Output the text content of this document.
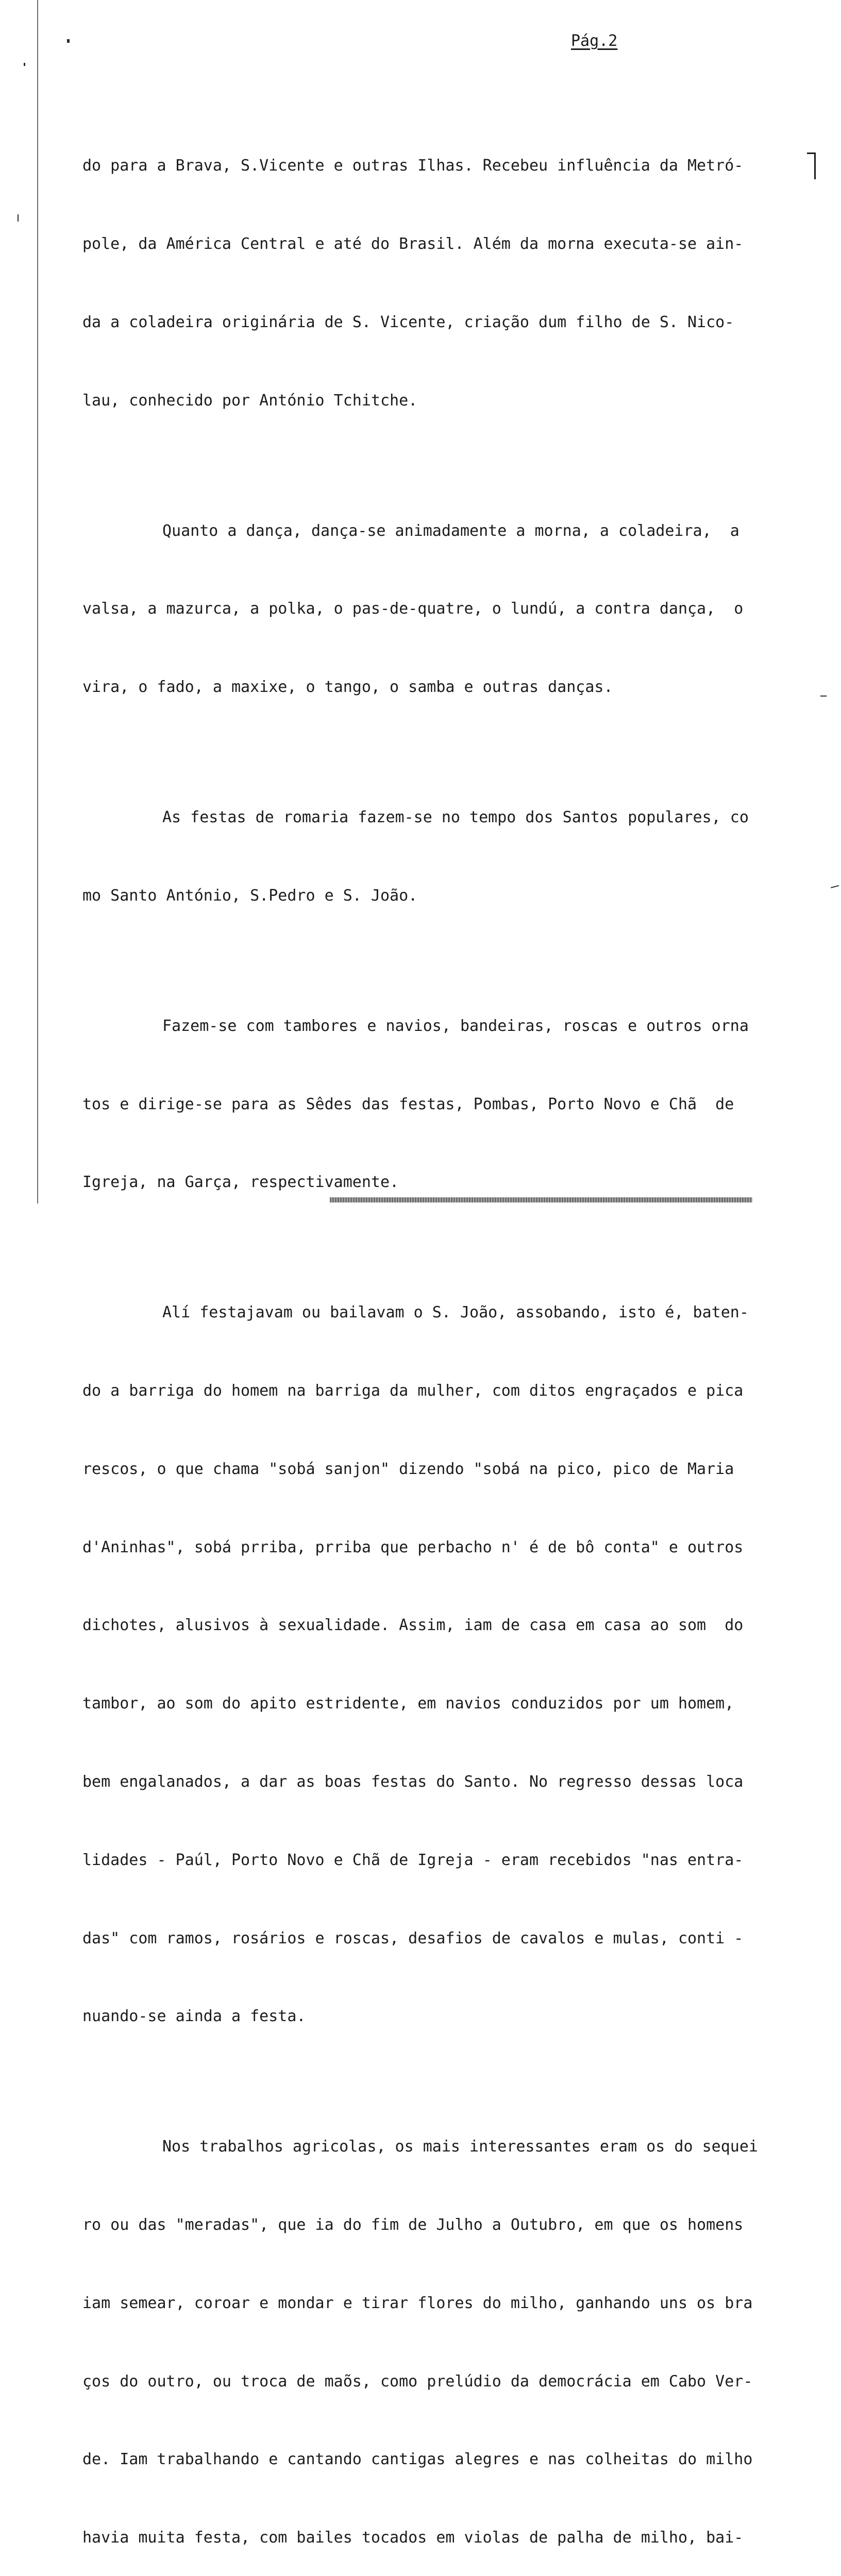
Pág.2

do para a Brava, S.Vicente e outras Ilhas. Recebeu influência da Metró-

pole, da América Central e até do Brasil. Além da morna executa-se ain-

da a coladeira originária de S. Vicente, criação dum filho de S. Nico-

lau, conhecido por António Tchitche.

Quanto a dança, dança-se animadamente a morna, a coladeira,  a

valsa, a mazurca, a polka, o pas-de-quatre, o lundú, a contra dança,  o

vira, o fado, a maxixe, o tango, o samba e outras danças.

As festas de romaria fazem-se no tempo dos Santos populares, co

mo Santo António, S.Pedro e S. João.

Fazem-se com tambores e navios, bandeiras, roscas e outros orna

tos e dirige-se para as Sêdes das festas, Pombas, Porto Novo e Chã  de

Igreja, na Garça, respectivamente.

Alí festajavam ou bailavam o S. João, assobando, isto é, baten-

do a barriga do homem na barriga da mulher, com ditos engraçados e pica

rescos, o que chama "sobá sanjon" dizendo "sobá na pico, pico de Maria

d'Aninhas", sobá prriba, prriba que perbacho n' é de bô conta" e outros

dichotes, alusivos à sexualidade. Assim, iam de casa em casa ao som  do

tambor, ao som do apito estridente, em navios conduzidos por um homem,

bem engalanados, a dar as boas festas do Santo. No regresso dessas loca

lidades - Paúl, Porto Novo e Chã de Igreja - eram recebidos "nas entra-

das" com ramos, rosários e roscas, desafios de cavalos e mulas, conti -

nuando-se ainda a festa.

Nos trabalhos agricolas, os mais interessantes eram os do sequei

ro ou das "meradas", que ia do fim de Julho a Outubro, em que os homens

iam semear, coroar e mondar e tirar flores do milho, ganhando uns os bra

ços do outro, ou troca de maõs, como prelúdio da democrácia em Cabo Ver-

de. Iam trabalhando e cantando cantigas alegres e nas colheitas do milho

havia muita festa, com bailes tocados em violas de palha de milho, bai-
